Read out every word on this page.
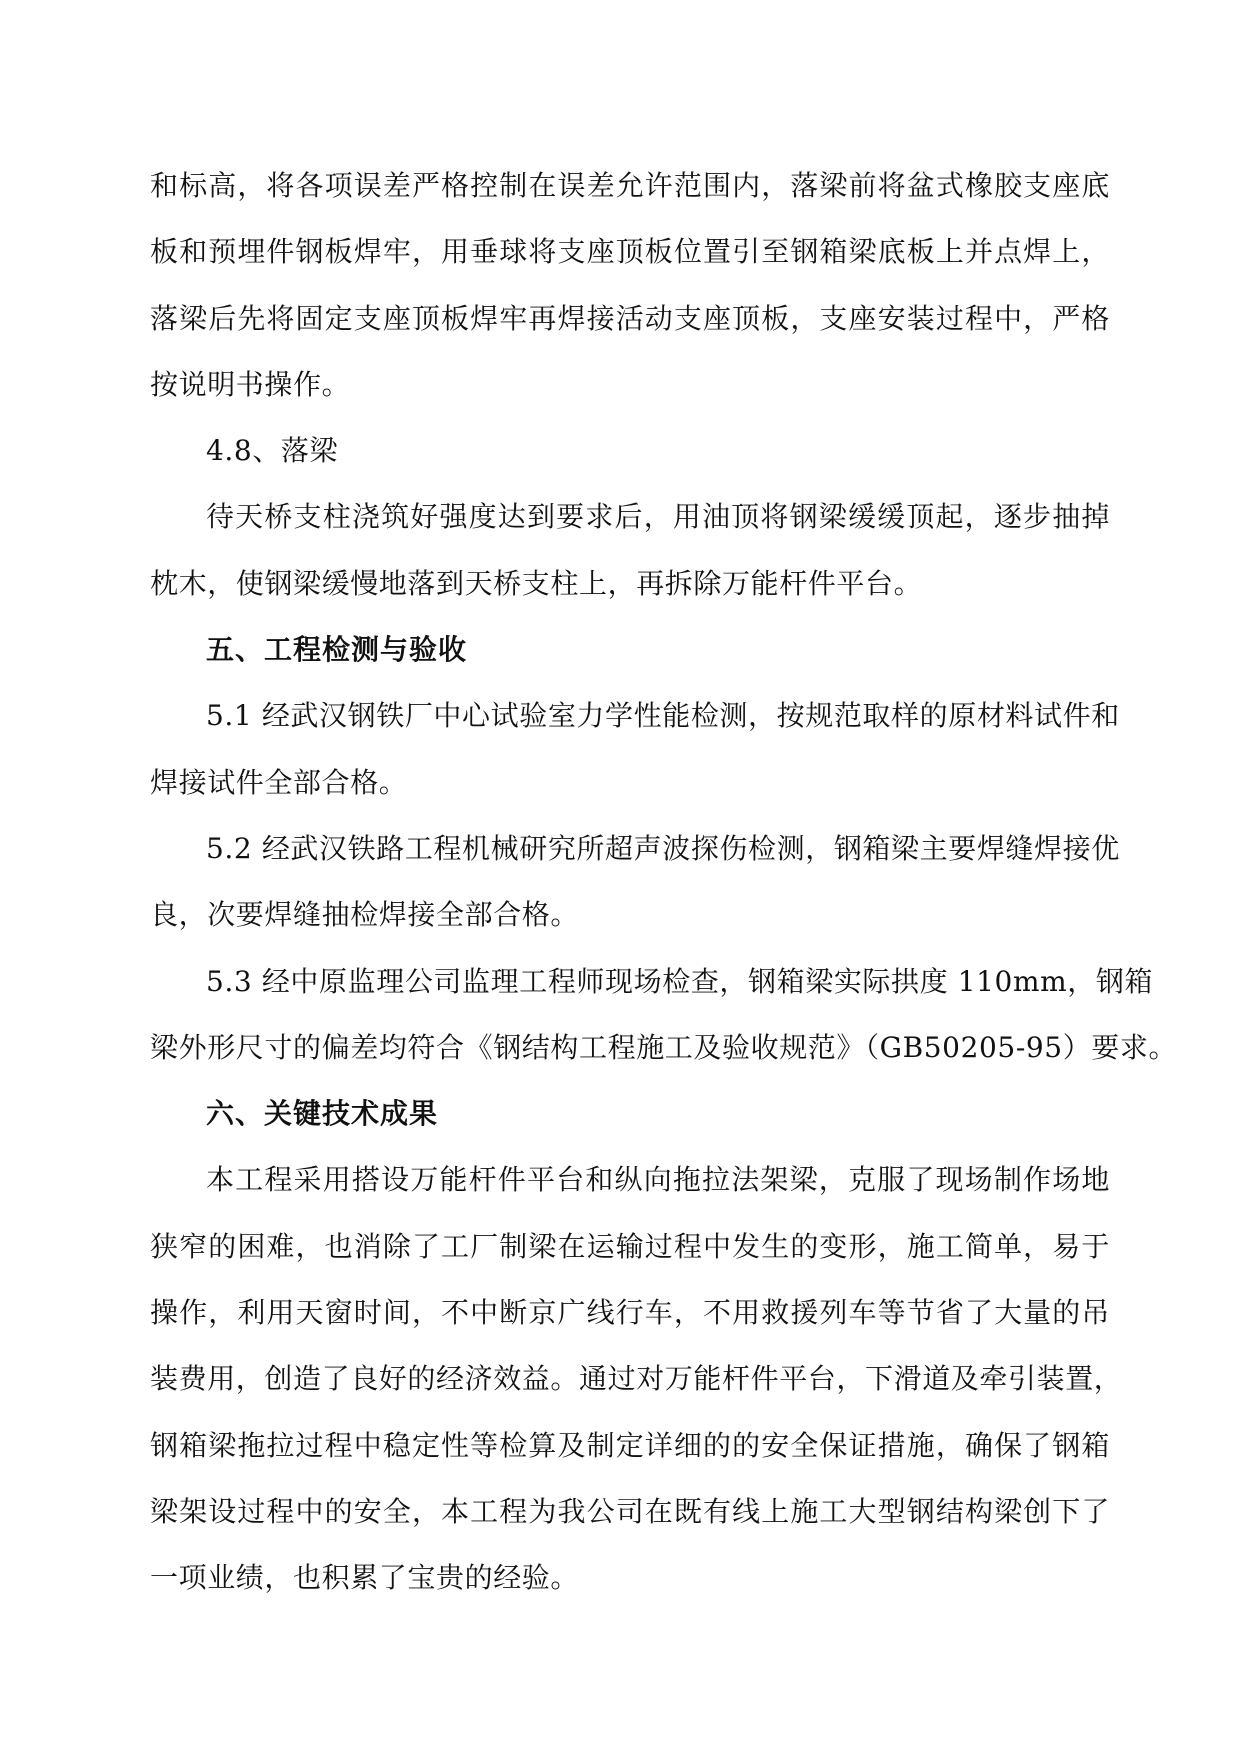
和标高，将各项误差严格控制在误差允许范围内，落梁前将盆式橡胶支座底
板和预埋件钢板焊牢，用垂球将支座顶板位置引至钢箱梁底板上并点焊上，
落梁后先将固定支座顶板焊牢再焊接活动支座顶板，支座安装过程中，严格
按说明书操作。
4.8、落梁
待天桥支柱浇筑好强度达到要求后，用油顶将钢梁缓缓顶起，逐步抽掉
枕木，使钢梁缓慢地落到天桥支柱上，再拆除万能杆件平台。
五、工程检测与验收
5.1 经武汉钢铁厂中心试验室力学性能检测，按规范取样的原材料试件和
焊接试件全部合格。
5.2 经武汉铁路工程机械研究所超声波探伤检测，钢箱梁主要焊缝焊接优
良，次要焊缝抽检焊接全部合格。
5.3 经中原监理公司监理工程师现场检查，钢箱梁实际拱度 110mm，钢箱
梁外形尺寸的偏差均符合《钢结构工程施工及验收规范》（GB50205-95）要求。
六、关键技术成果
本工程采用搭设万能杆件平台和纵向拖拉法架梁，克服了现场制作场地
狭窄的困难，也消除了工厂制梁在运输过程中发生的变形，施工简单，易于
操作，利用天窗时间，不中断京广线行车，不用救援列车等节省了大量的吊
装费用，创造了良好的经济效益。通过对万能杆件平台，下滑道及牵引装置，
钢箱梁拖拉过程中稳定性等检算及制定详细的的安全保证措施，确保了钢箱
梁架设过程中的安全，本工程为我公司在既有线上施工大型钢结构梁创下了
一项业绩，也积累了宝贵的经验。
